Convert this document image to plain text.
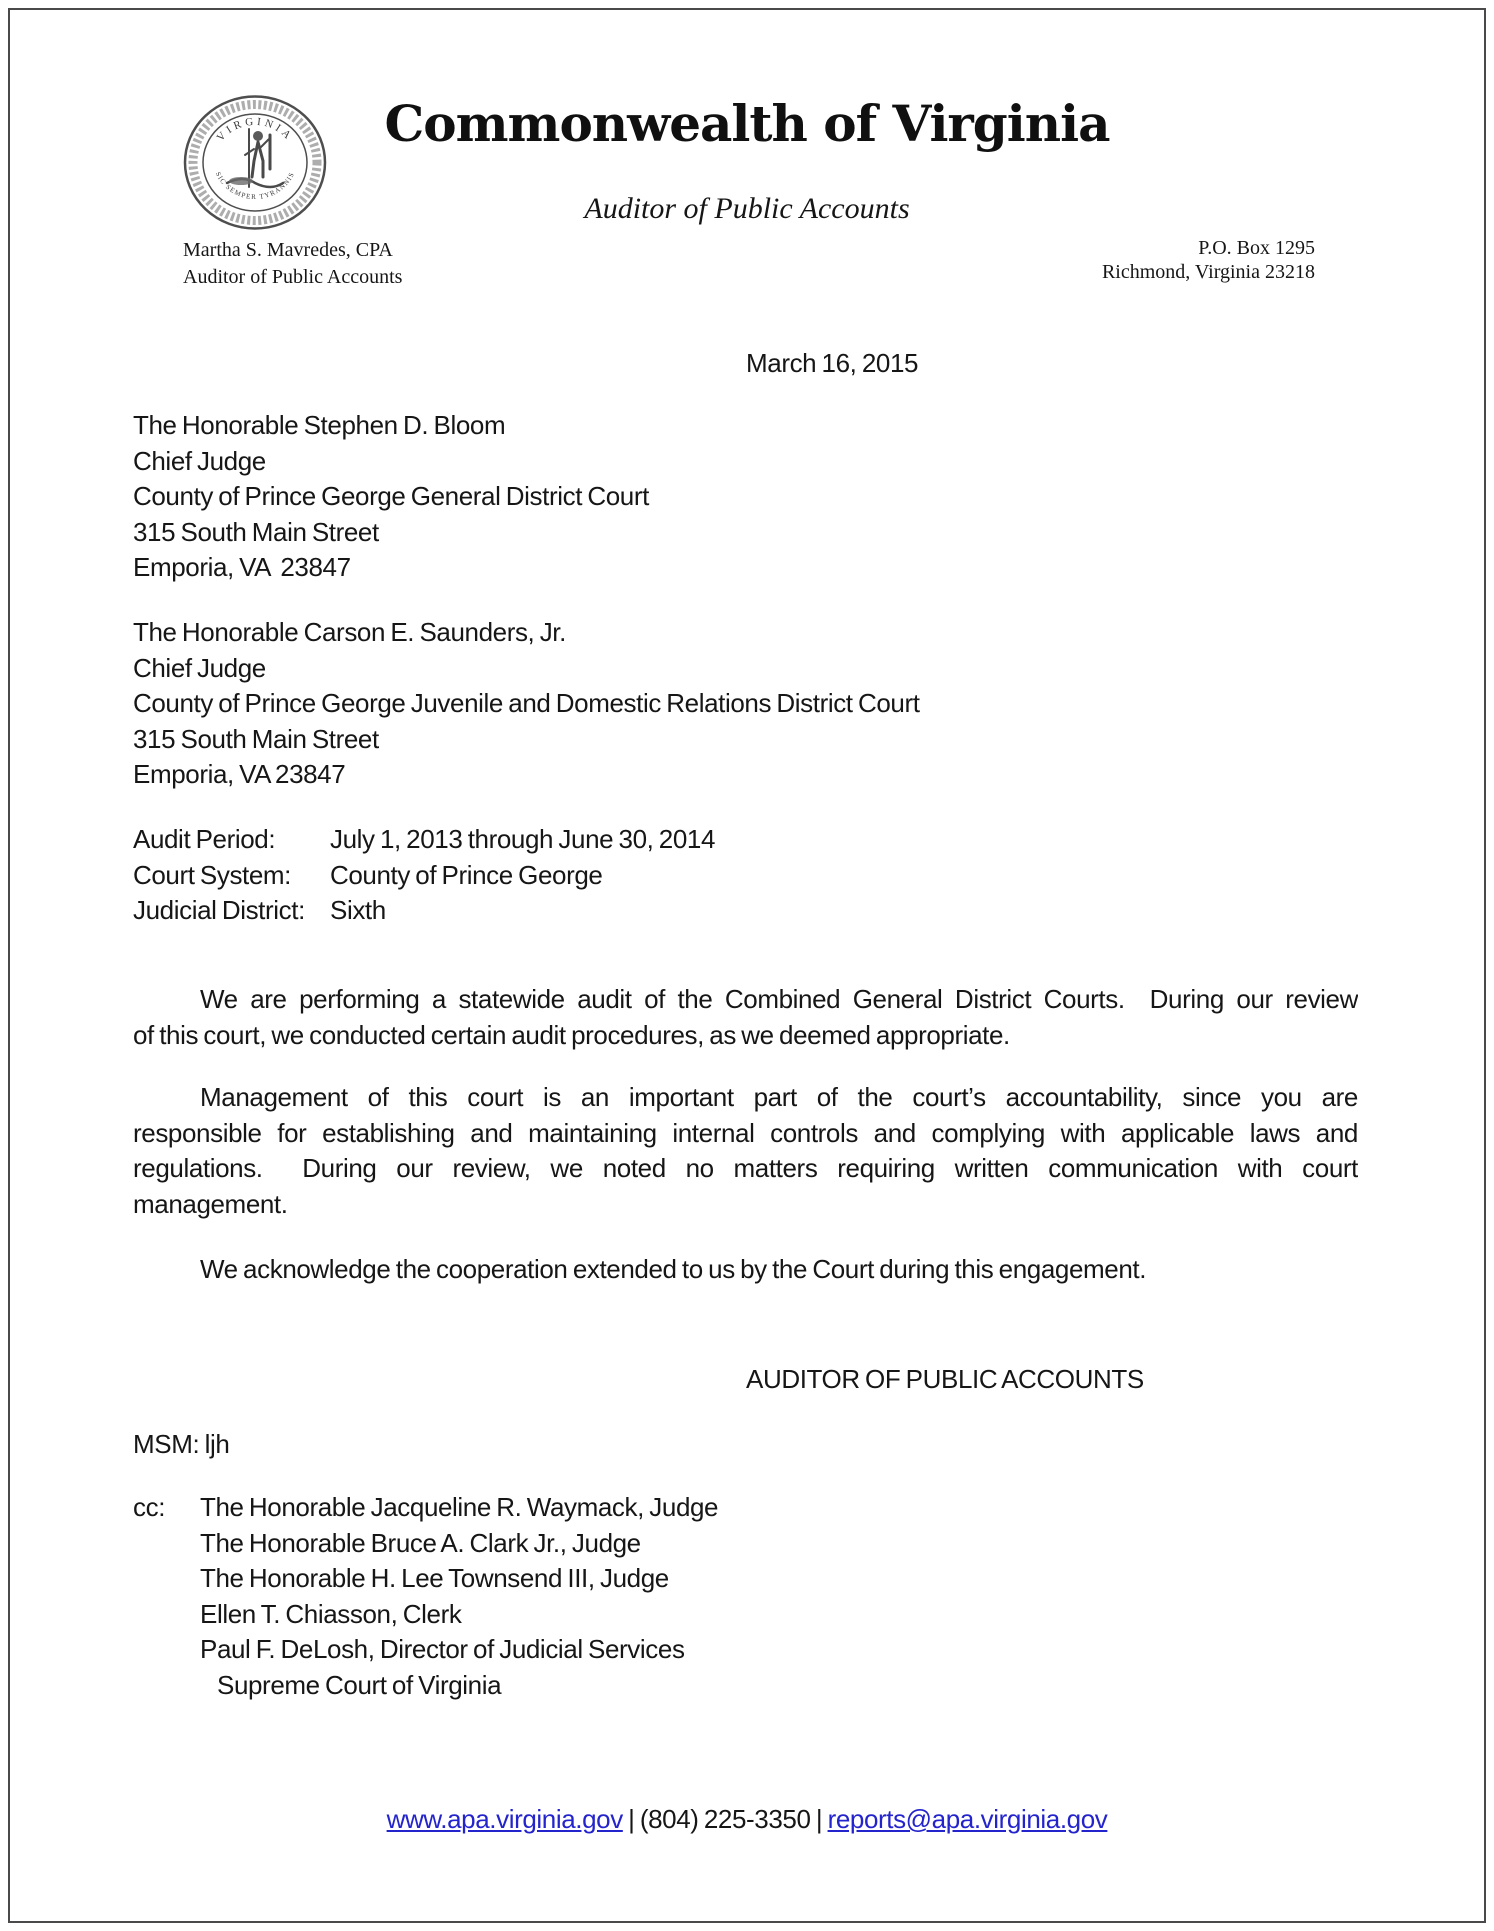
VIRGINIA
SIC SEMPER TYRANNIS
Commonwealth of Virginia
Auditor of Public Accounts
Martha S. Mavredes, CPA
Auditor of Public Accounts
P.O. Box 1295
Richmond, Virginia 23218
March 16, 2015
The Honorable Stephen D. Bloom
Chief Judge
County of Prince George General District Court
315 South Main Street
Emporia, VA  23847
The Honorable Carson E. Saunders, Jr.
Chief Judge
County of Prince George Juvenile and Domestic Relations District Court
315 South Main Street
Emporia, VA 23847
Audit Period:	July 1, 2013 through June 30, 2014
Court System:	County of Prince George
Judicial District: Sixth
We are performing a statewide audit of the Combined General District Courts.  During our review
of this court, we conducted certain audit procedures, as we deemed appropriate.
Management of this court is an important part of the court’s accountability, since you are
responsible for establishing and maintaining internal controls and complying with applicable laws and
regulations.  During our review, we noted no matters requiring written communication with court
management.
We acknowledge the cooperation extended to us by the Court during this engagement.
AUDITOR OF PUBLIC ACCOUNTS
MSM: ljh
cc:	The Honorable Jacqueline R. Waymack, Judge
The Honorable Bruce A. Clark Jr., Judge
The Honorable H. Lee Townsend III, Judge
Ellen T. Chiasson, Clerk
Paul F. DeLosh, Director of Judicial Services
Supreme Court of Virginia
www.apa.virginia.gov | (804) 225-3350 | reports@apa.virginia.gov
